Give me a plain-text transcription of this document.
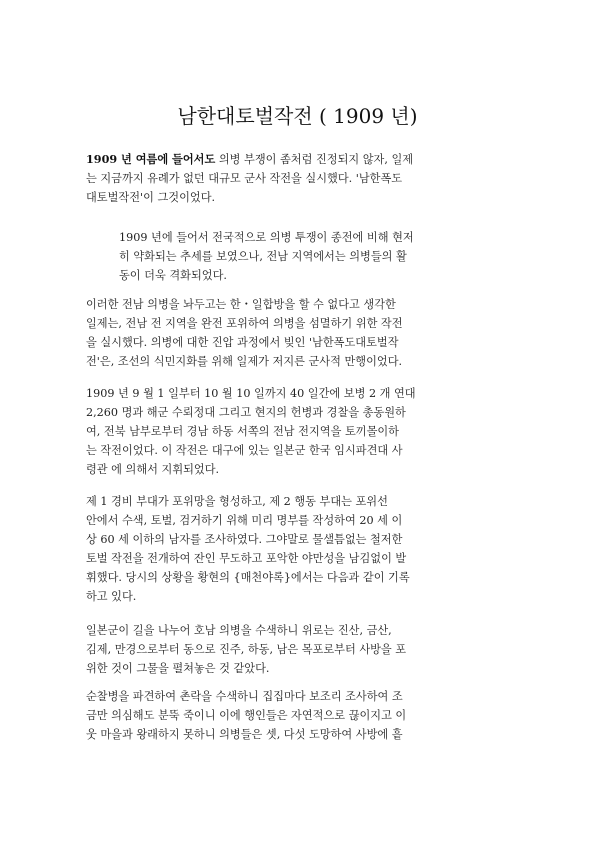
남한대토벌작전 ( 1909 년)
1909 년 여름에 들어서도 의병 부쟁이 좀처럼 진정되지 않자, 일제
는 지금까지 유례가 없던 대규모 군사 작전을 실시했다. '남한폭도
대토벌작전'이 그것이었다.
1909 년에 들어서 전국적으로 의병 투쟁이 종전에 비해 현저
히 약화되는 추세를 보였으나, 전남 지역에서는 의병들의 활
동이 더욱 격화되었다.
이러한 전남 의병을 놔두고는 한・일합방을 할 수 없다고 생각한
일제는, 전남 전 지역을 완전 포위하여 의병을 섬멸하기 위한 작전
을 실시했다. 의병에 대한 진압 과정에서 빚인 '남한폭도대토벌작
전'은, 조선의 식민지화를 위해 일제가 저지른 군사적 만행이었다.
1909 년 9 월 1 일부터 10 월 10 일까지 40 일간에 보병 2 개 연대
2,260 명과 해군 수뢰정대 그리고 현지의 헌병과 경찰을 총동원하
여, 전북 남부로부터 경남 하동 서쪽의 전남 전지역을 토끼몰이하
는 작전이었다. 이 작전은 대구에 있는 일본군 한국 임시파견대 사
령관 에 의해서 지휘되었다.
제 1 경비 부대가 포위망을 형성하고, 제 2 행동 부대는 포위선
안에서 수색, 토벌, 검거하기 위해 미리 명부를 작성하여 20 세 이
상 60 세 이하의 남자를 조사하였다. 그야말로 물샐틈없는 철저한
토벌 작전을 전개하여 잔인 무도하고 포악한 야만성을 남김없이 발
휘했다. 당시의 상황을 황현의 {매천야록}에서는 다음과 같이 기록
하고 있다.
일본군이 길을 나누어 호남 의병을 수색하니 위로는 진산, 금산,
김제, 만경으로부터 동으로 진주, 하동, 남은 목포로부터 사방을 포
위한 것이 그물을 펼쳐놓은 것 같았다.
순찰병을 파견하여 촌락을 수색하니 집집마다 보조리 조사하여 조
금만 의심해도 분뚝 죽이니 이에 행인들은 자연적으로 끊이지고 이
웃 마을과 왕래하지 못하니 의병들은 셋, 다섯 도망하여 사방에 흩
